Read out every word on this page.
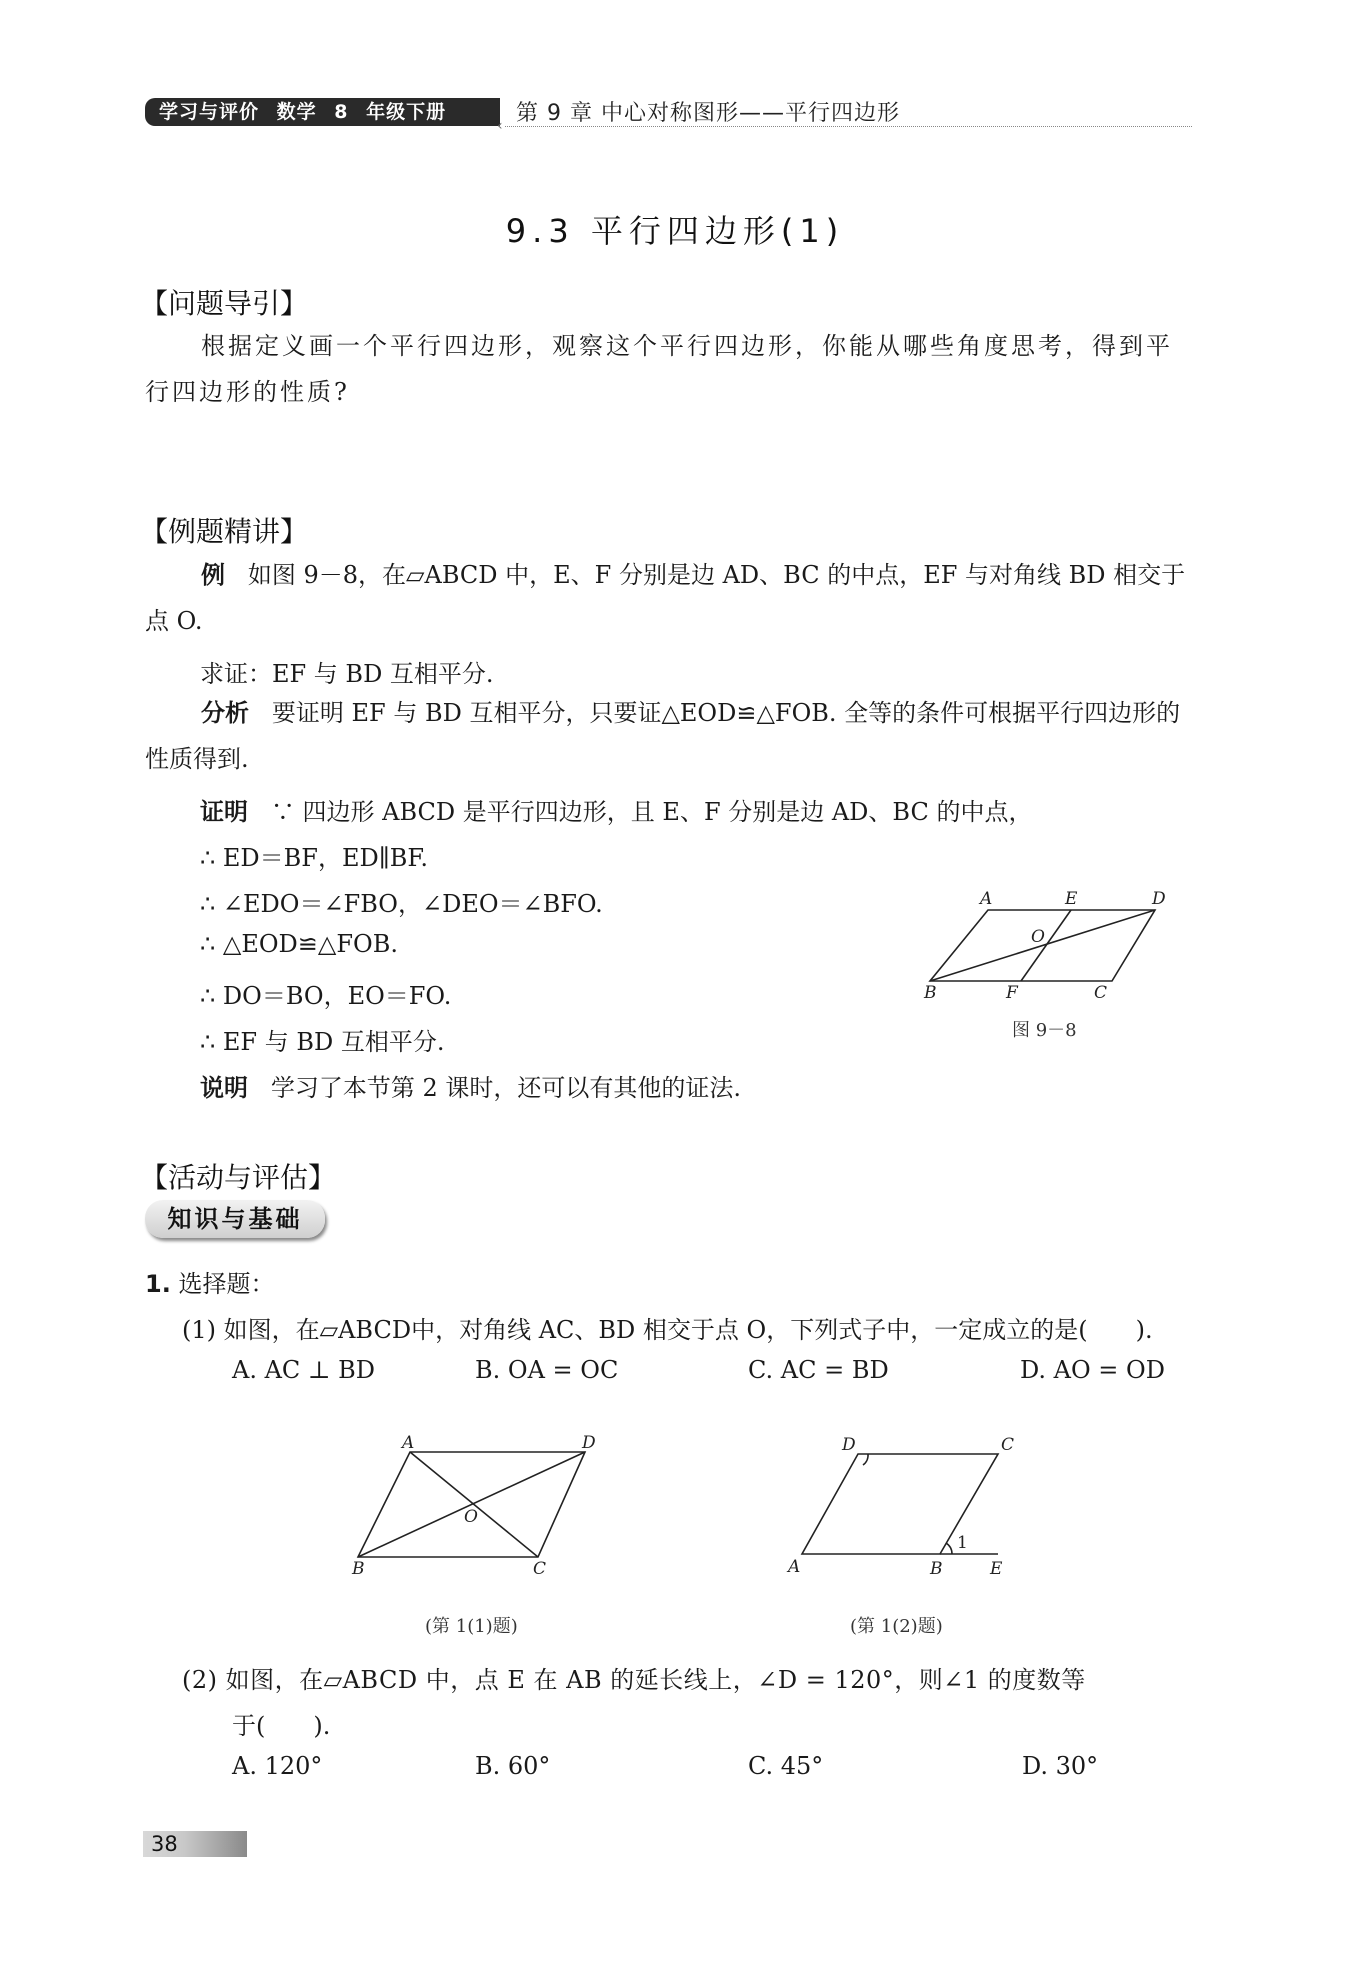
学习与评价 数学 8 年级下册	第 9 章 中心对称图形——平行四边形
‹
9.3 平行四边形(1)
【问题导引】
根据定义画一个平行四边形，观察这个平行四边形，你能从哪些角度思考，得到平行四边形的性质?
【例题精讲】
例 如图 9－8，在▱ABCD 中，E、F 分别是边 AD、BC 的中点，EF 与对角线 BD 相交于点 O.
求证：EF 与 BD 互相平分.
分析 要证明 EF 与 BD 互相平分，只要证△EOD≌△FOB. 全等的条件可根据平行四边形的性质得到.
证明 ∵ 四边形 ABCD 是平行四边形，且 E、F 分别是边 AD、BC 的中点，
∴ ED＝BF，ED∥BF.
∴ ∠EDO＝∠FBO，∠DEO＝∠BFO.
∴ △EOD≌△FOB.
∴ DO＝BO，EO＝FO.
∴ EF 与 BD 互相平分.
说明 学习了本节第 2 课时，还可以有其他的证法.
A	E	D
O
B	F	C
图 9－8
【活动与评估】
知识与基础
1. 选择题：
(1) 如图，在▱ABCD中，对角线 AC、BD 相交于点 O，下列式子中，一定成立的是(　　).
A. AC ⊥ BD	B. OA = OC	C. AC = BD	D. AO = OD
A	D
O
B	C
(第 1(1)题)
D	C
1
A	B	E
(第 1(2)题)
(2) 如图，在▱ABCD 中，点 E 在 AB 的延长线上，∠D = 120°，则∠1 的度数等
于(　　).
A. 120°	B. 60°	C. 45°	D. 30°
38
